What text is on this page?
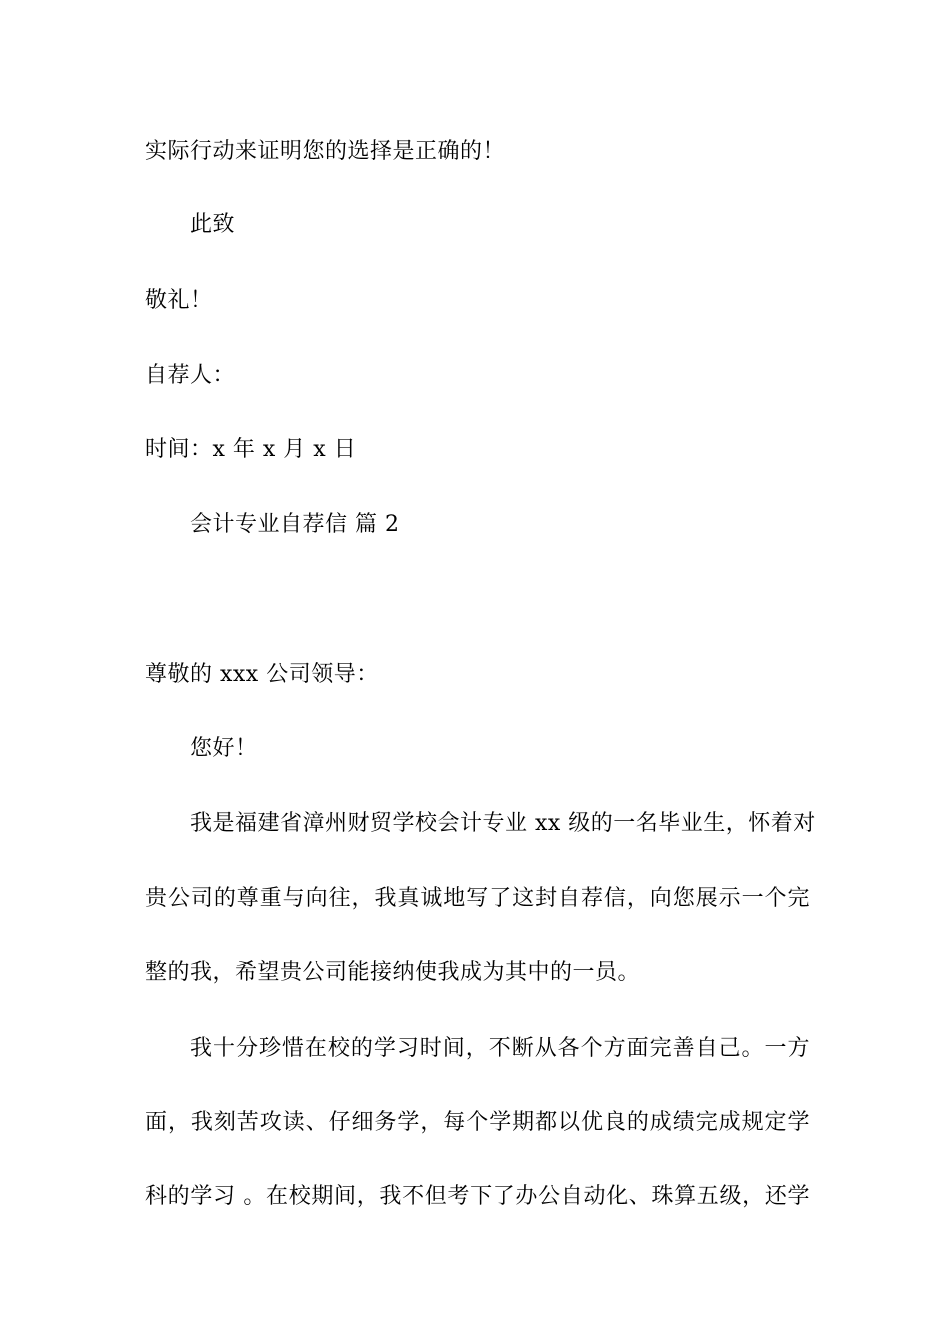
实际行动来证明您的选择是正确的！
此致
敬礼！
自荐人：
时间：x 年 x 月 x 日
会计专业自荐信 篇 2
尊敬的 xxx 公司领导：
您好！
我是福建省漳州财贸学校会计专业 xx 级的一名毕业生，怀着对
贵公司的尊重与向往，我真诚地写了这封自荐信，向您展示一个完
整的我，希望贵公司能接纳使我成为其中的一员。
我十分珍惜在校的学习时间，不断从各个方面完善自己。一方
面，我刻苦攻读、仔细务学，每个学期都以优良的成绩完成规定学
科的学习 。在校期间，我不但考下了办公自动化、珠算五级，还学
